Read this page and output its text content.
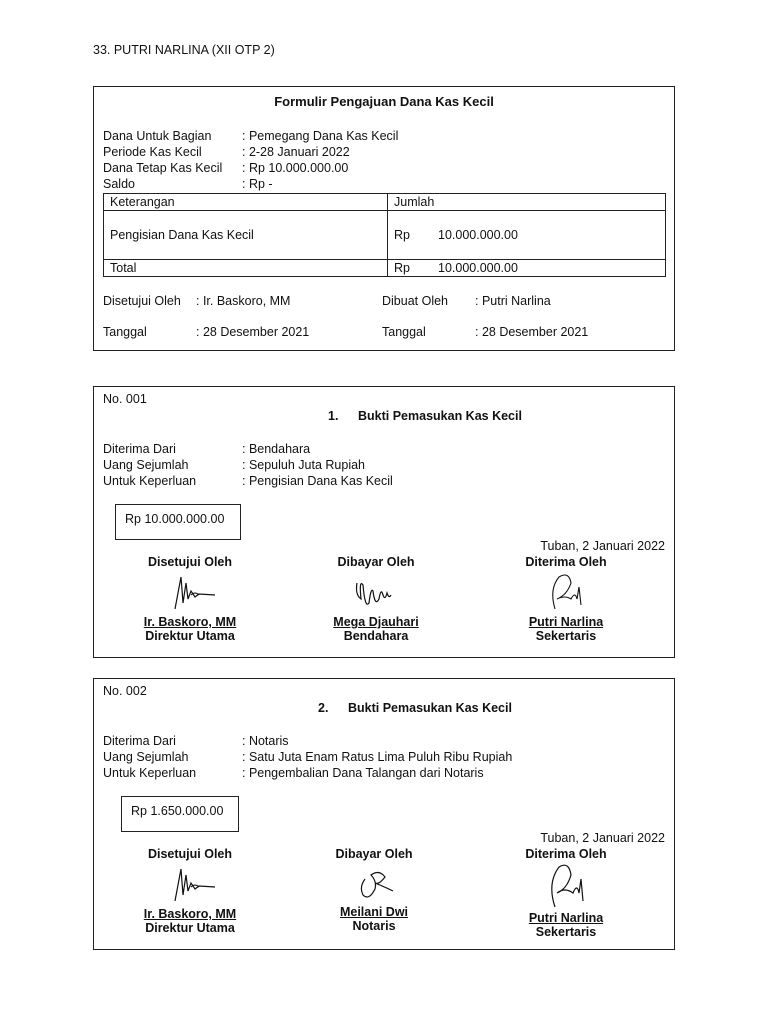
33. PUTRI NARLINA (XII OTP 2)
Formulir Pengajuan Dana Kas Kecil
Dana Untuk Bagian : Pemegang Dana Kas Kecil
Periode Kas Kecil	: 2-28 Januari 2022
Dana Tetap Kas Kecil : Rp 10.000.000.00
Saldo	: Rp -
Keterangan	Jumlah
Pengisian Dana Kas Kecil	Rp 10.000.000.00
Total	Rp 10.000.000.00
Disetujui Oleh : Ir. Baskoro, MM	Dibuat Oleh : Putri Narlina
Tanggal	: 28 Desember 2021	Tanggal	: 28 Desember 2021
No. 001
1. Bukti Pemasukan Kas Kecil
Diterima Dari	: Bendahara
Uang Sejumlah	: Sepuluh Juta Rupiah
Untuk Keperluan	: Pengisian Dana Kas Kecil
Rp 10.000.000.00
Tuban, 2 Januari 2022
Disetujui Oleh
Ir. Baskoro, MM
Direktur Utama
Dibayar Oleh
Mega Djauhari
Bendahara
Diterima Oleh
Putri Narlina
Sekertaris
No. 002
2. Bukti Pemasukan Kas Kecil
Diterima Dari	: Notaris
Uang Sejumlah	: Satu Juta Enam Ratus Lima Puluh Ribu Rupiah
Untuk Keperluan	: Pengembalian Dana Talangan dari Notaris
Rp 1.650.000.00
Tuban, 2 Januari 2022
Disetujui Oleh
Ir. Baskoro, MM
Direktur Utama
Dibayar Oleh
Meilani Dwi
Notaris
Diterima Oleh
Putri Narlina
Sekertaris
